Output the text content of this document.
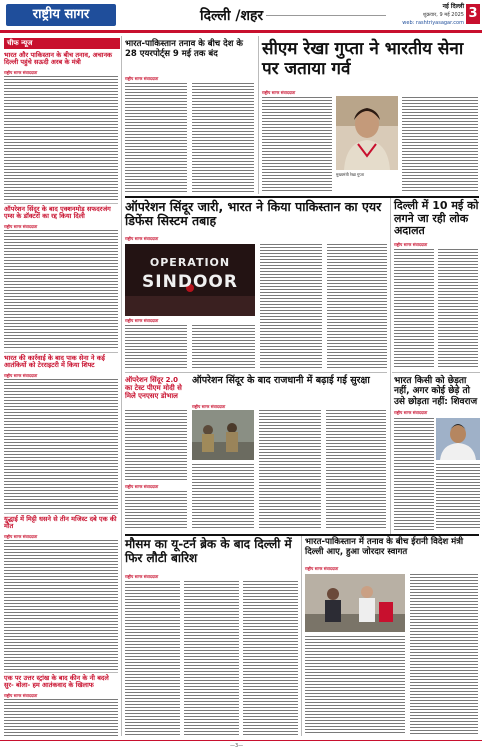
राष्ट्रीय सागर	दिल्ली /शहर
नई दिल्ली
शुक्रवार, 9 मई 2025
web: rashtriyasagar.com
3
चीफ न्यूज
भारत और पाकिस्तान के बीच तनाव, अचानक दिल्ली पहुंचे सऊदी अरब के मंत्री
राष्ट्रीय सागर संवाददाता
ऑपरेशन सिंदूर के बाद एक्शनमोड़ सफदरजंग एम्स के डॉक्टरों का रद्द किया दिली
राष्ट्रीय सागर संवाददाता
भारत की कार्रवाई के बाद पाक सेना ने कई आतंकियों को टेरराइटरी में किया शिफ्ट
राष्ट्रीय सागर संवाददाता
युद्धाई में मिट्टी धसने से तीन मजिस्ट दबे एक की मौत
राष्ट्रीय सागर संवाददाता
एक पर उत्तर स्ट्रांख के बाद कीन के नी बदले सुर- बोला- हम आतंकवाद के खिलाफ
राष्ट्रीय सागर संवाददाता
भारत-पाकिस्तान तनाव के बीच देश के 28 एयरपोर्ट्स 9 मई तक बंद
राष्ट्रीय सागर संवाददाता
सीएम रेखा गुप्ता ने भारतीय सेना पर जताया गर्व
राष्ट्रीय सागर संवाददाता
मुख्यमंत्री रेखा गुप्ता
ऑपरेशन सिंदूर जारी, भारत ने किया पाकिस्तान का एयर डिफेंस सिस्टम तबाह
राष्ट्रीय सागर संवाददाता
OPERATION
SINDOOR
राष्ट्रीय सागर संवाददाता
दिल्ली में 10 मई को लगने जा रही लोक अदालत
राष्ट्रीय सागर संवाददाता
ऑपरेशन सिंदूर 2.0 का टेस्ट पीएम मोदी से मिले एनएसए डोभाल
राष्ट्रीय सागर संवाददाता
ऑपरेशन सिंदूर के बाद राजधानी में बढ़ाई गई सुरक्षा
राष्ट्रीय सागर संवाददाता
भारत किसी को छेड़ता नहीं, अगर कोई छेड़े तो उसे छोड़ता नहीं: शिवराज
राष्ट्रीय सागर संवाददाता
मौसम का यू-टर्न ब्रेक के बाद दिल्ली में फिर लौटी बारिश
राष्ट्रीय सागर संवाददाता
भारत-पाकिस्तान में तनाव के बीच ईरानी विदेश मंत्री दिल्ली आए, हुआ जोरदार स्वागत
राष्ट्रीय सागर संवाददाता
—3—
